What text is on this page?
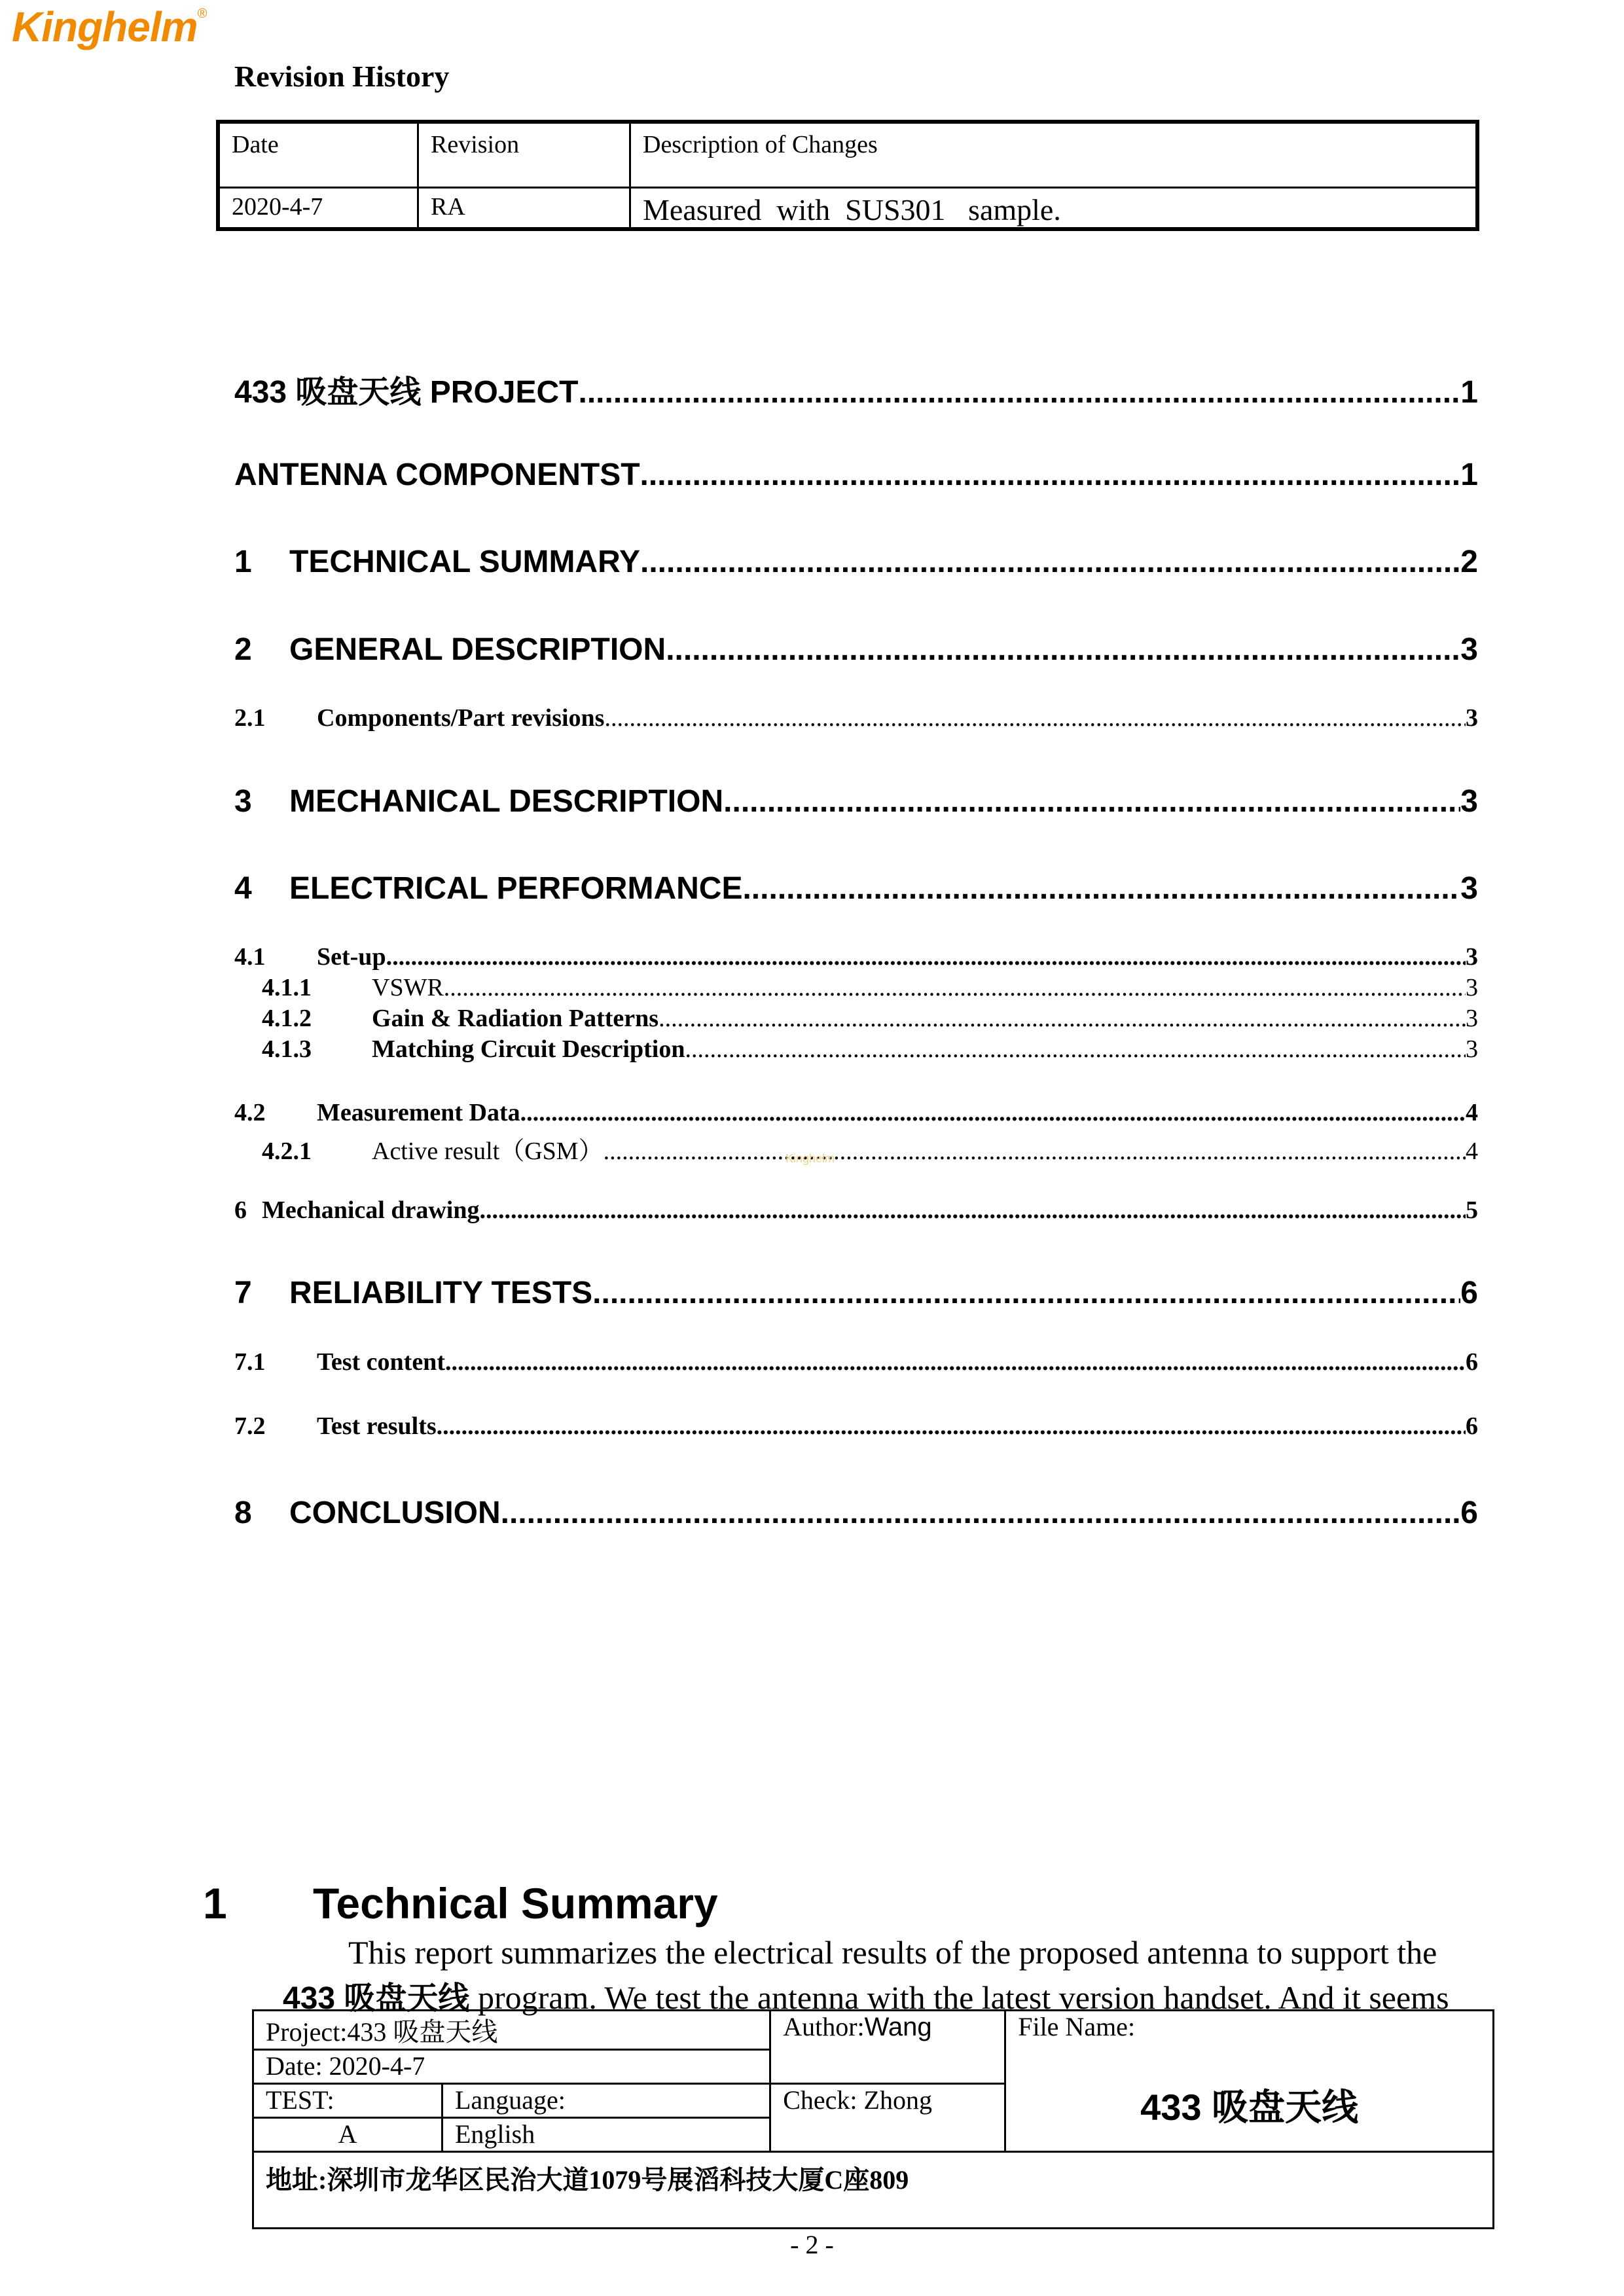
Kinghelm®
Revision History
Date	Revision	Description of Changes
2020-4-7	RA	Measured  with  SUS301   sample.
433 吸盘天线 PROJECT .....	1
ANTENNA COMPONENTST .....	1
1 TECHNICAL SUMMARY .....	2
2 GENERAL DESCRIPTION .....	3
2.1 Components/Part revisions .....	3
3 MECHANICAL DESCRIPTION .....	3
4 ELECTRICAL PERFORMANCE .....	3
4.1 Set-up .....	3
4.1.1 VSWR .....	3
4.1.2 Gain & Radiation Patterns .....	3
4.1.3 Matching Circuit Description .....	3
4.2 Measurement Data .....	4
4.2.1 Active result（GSM） .....	4
6 Mechanical drawing .....	5
7 RELIABILITY TESTS .....	6
7.1 Test content .....	6
7.2 Test results .....	6
8 CONCLUSION .....	6
Kinghelm
1 Technical Summary
This report summarizes the electrical results of the proposed antenna to support the
433 吸盘天线 program. We test the antenna with the latest version handset. And it seems
Project:433 吸盘天线		Author:Wang	File Name:
433 吸盘天线

Date: 2020-4-7			
TEST:	Language:	Check: Zhong	
A	English		
地址:深圳市龙华区民治大道1079号展滔科技大厦C座809			
- 2 -
